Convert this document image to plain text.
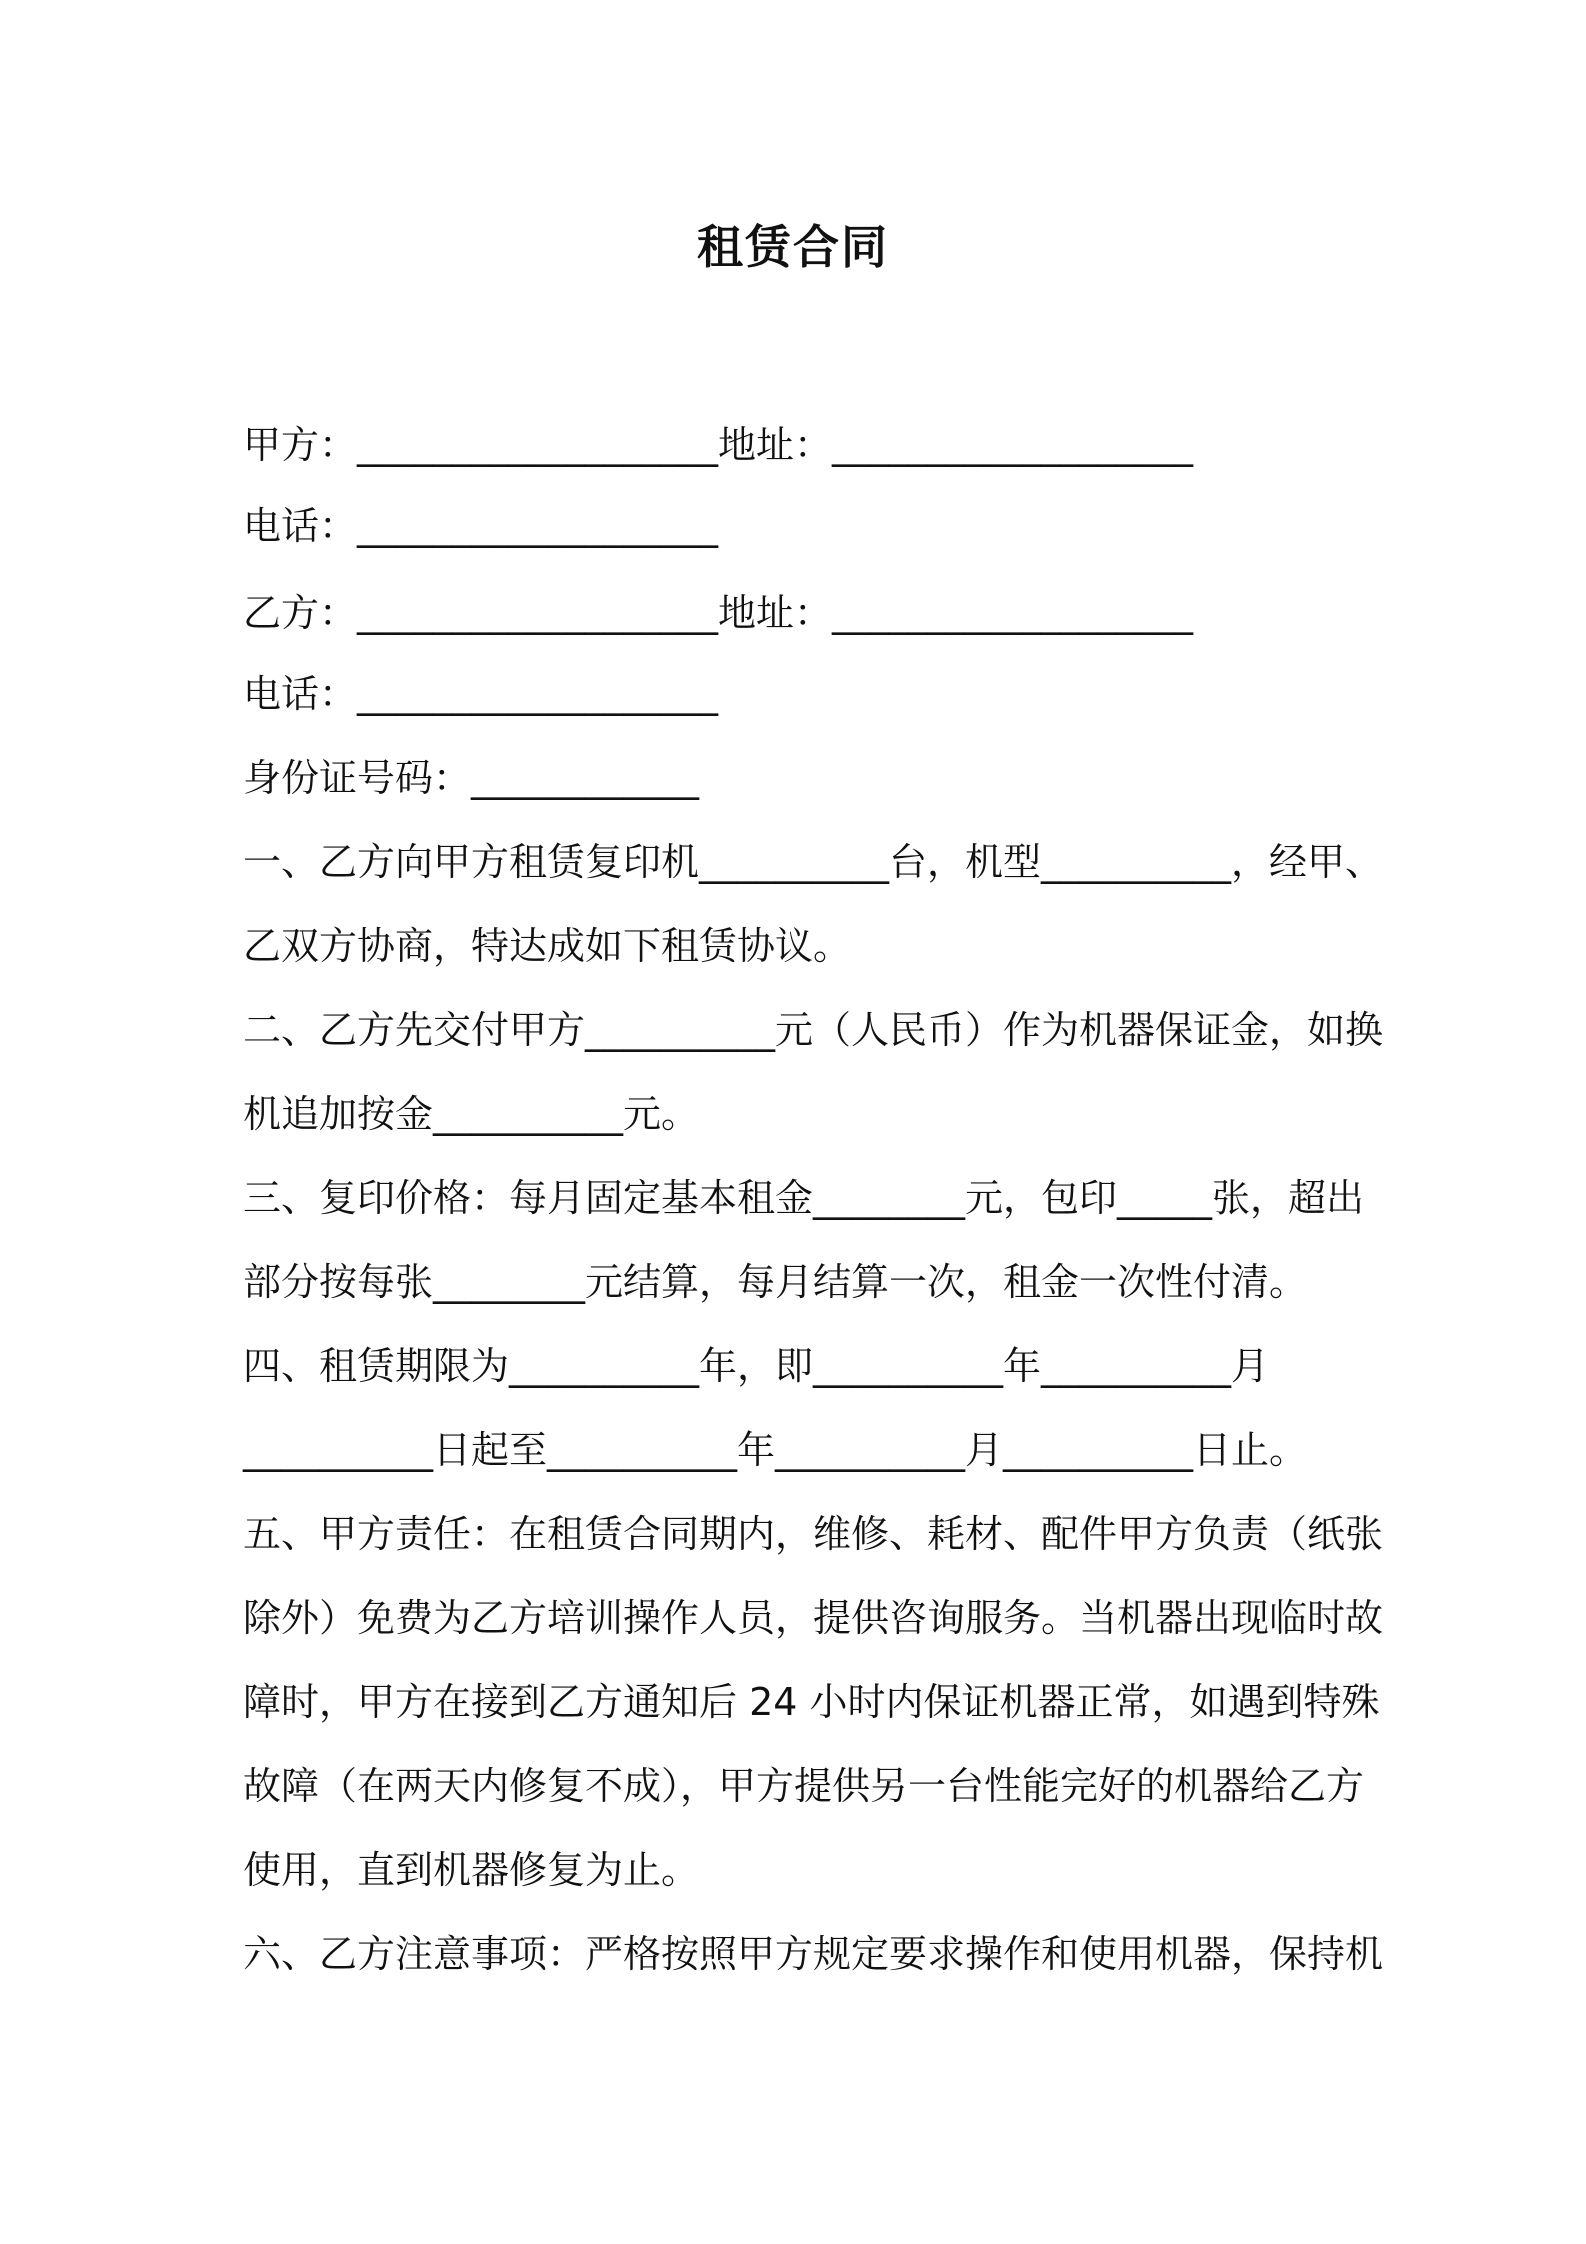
租赁合同
甲方：___________________地址：___________________
电话：___________________
乙方：___________________地址：___________________
电话：___________________
身份证号码：____________
一、乙方向甲方租赁复印机__________台，机型__________，经甲、
乙双方协商，特达成如下租赁协议。
二、乙方先交付甲方__________元（人民币）作为机器保证金，如换
机追加按金__________元。
三、复印价格：每月固定基本租金________元，包印_____张，超出
部分按每张________元结算，每月结算一次，租金一次性付清。
四、租赁期限为__________年，即__________年__________月
__________日起至__________年__________月__________日止。
五、甲方责任：在租赁合同期内，维修、耗材、配件甲方负责（纸张
除外）免费为乙方培训操作人员，提供咨询服务。当机器出现临时故
障时，甲方在接到乙方通知后 24 小时内保证机器正常，如遇到特殊
故障（在两天内修复不成），甲方提供另一台性能完好的机器给乙方
使用，直到机器修复为止。
六、乙方注意事项：严格按照甲方规定要求操作和使用机器，保持机
